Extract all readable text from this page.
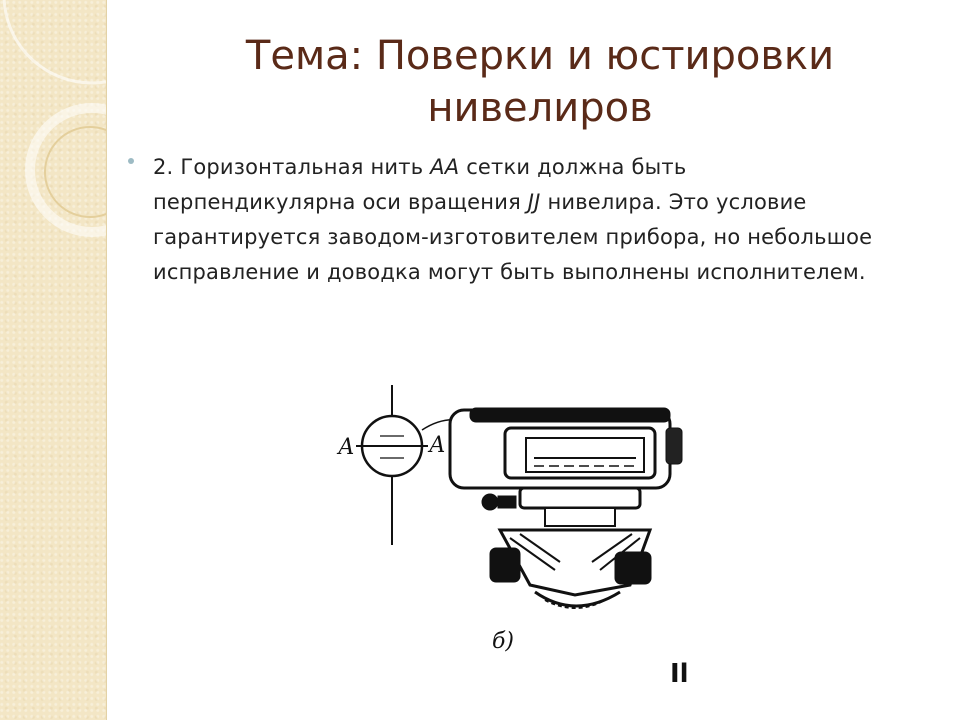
Тема: Поверки и юстировки
нивелиров
2. Горизонтальная нить АА сетки должна быть перпендикулярна оси вращения JJ нивелира. Это условие гарантируется заводом-изготовителем прибора, но небольшое исправление и доводка могут быть выполнены исполнителем.
А	А
б)
Il
